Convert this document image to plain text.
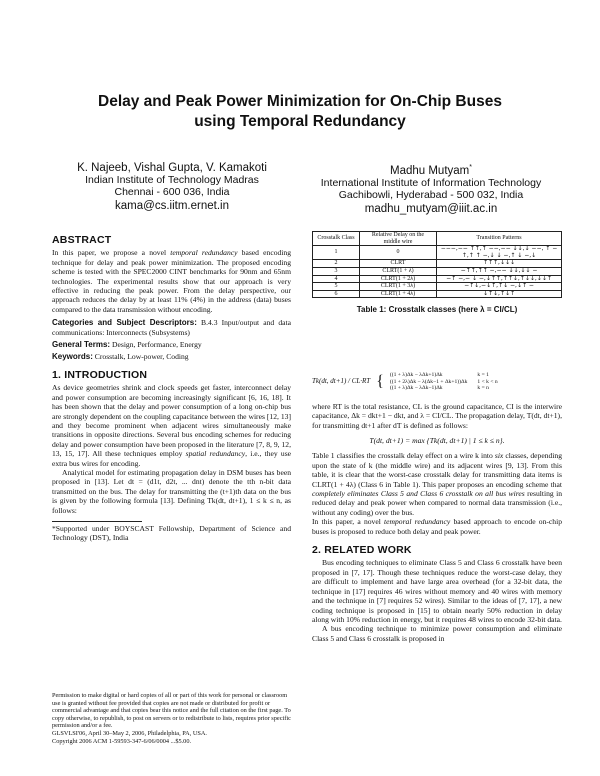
Delay and Peak Power Minimization for On-Chip Buses
using Temporal Redundancy
K. Najeeb, Vishal Gupta, V. Kamakoti
Indian Institute of Technology Madras
Chennai - 600 036, India
kama@cs.iitm.ernet.in
Madhu Mutyam*
International Institute of Information Technology
Gachibowli, Hyderabad - 500 032, India
madhu_mutyam@iiit.ac.in
ABSTRACT

In this paper, we propose a novel temporal redundancy based encoding technique for delay and peak power minimization. The proposed encoding scheme is tested with the SPEC2000 CINT benchmarks for 90nm and 65nm technologies. The experimental results show that our approach is very effective in reducing the peak power. From the delay perspective, our approach reduces the delay by at least 11% (4%) in the address (data) buses compared to the data transmission without encoding.

Categories and Subject Descriptors: B.4.3 Input/output and data communications: Interconnects (Subsystems)

General Terms: Design, Performance, Energy

Keywords: Crosstalk, Low-power, Coding

1. INTRODUCTION

As device geometries shrink and clock speeds get faster, interconnect delay and power consumption are becoming increasingly significant [6, 16, 18]. It has been shown that the delay and power consumption of a long on-chip bus are strongly dependent on the coupling capacitance between the wires [12, 13] and they become prominent when adjacent wires simultaneously make transitions in opposite directions. Several bus encoding schemes for reducing delay and power consumption have been proposed in the literature [7, 8, 9, 12, 13, 15, 17]. All these techniques employ spatial redundancy, i.e., they use extra bus wires for encoding.

Analytical model for estimating propagation delay in DSM buses has been proposed in [13]. Let dt = (d1t, d2t, ... dnt) denote the tth n-bit data transmitted on the bus. The delay for transmitting the (t+1)th data on the bus is given by the following formula [13]. Defining Tk(dt, dt+1), 1 ≤ k ≤ n, as follows:

*Supported under BOYSCAST Fellowship, Department of Science and Technology (DST), India

Permission to make digital or hard copies of all or part of this work for personal or classroom use is granted without fee provided that copies are not made or distributed for profit or commercial advantage and that copies bear this notice and the full citation on the first page. To copy otherwise, to republish, to post on servers or to redistribute to lists, requires prior specific permission and/or a fee.

GLSVLSI'06, April 30–May 2, 2006, Philadelphia, PA, USA.

Copyright 2006 ACM 1-59593-347-6/06/0004 ...$5.00.

Crosstalk Class	Relative Delay on the middle wire	Transition Patterns
1	0	−−−,−− ↑↑,↑ −−,−− ↓↓,↓ −−, ↑ − ↑,↑ ↑ −,↓ ↓ −,↑ ↓ −,↓
2	CLRT	↑↑↑,↓↓↓
3	CLRT(1 + λ)	−↑↑,↑↑ −,−− ↓↓,↓↓ −
4	CLRT(1 + 2λ)	−↑ −,− ↓ −,↓↑↑,↑↑↓,↑↓↓,↓↓↑
5	CLRT(1 + 3λ)	−↑↓,−↓↑,↑↓ −,↓↑ −
6	CLRT(1 + 4λ)	↓↑↓,↑↓↑
Table 1: Crosstalk classes (here λ = CI/CL)
Tk(dt, dt+1) / CL·RT { ((1 + λ)Δk − λΔk+1)Δk
((1 + 2λ)Δk − λ(Δk−1 + Δk+1))Δk
((1 + λ)Δk − λΔk−1)Δk
k = 1
1 < k < n
k = n

where RT is the total resistance, CL is the ground capacitance, CI is the interwire capacitance, Δk = dkt+1 − dkt, and λ = CI/CL. The propagation delay, T(dt, dt+1), for transmitting dt+1 after dT is defined as follows:

T(dt, dt+1) = max {Tk(dt, dt+1) | 1 ≤ k ≤ n}.

Table 1 classifies the crosstalk delay effect on a wire k into six classes, depending upon the state of k (the middle wire) and its adjacent wires [9, 13]. From this table, it is clear that the worst-case crosstalk delay for transmitting data items is CLRT(1 + 4λ) (Class 6 in Table 1). This paper proposes an encoding scheme that completely eliminates Class 5 and Class 6 crosstalk on all bus wires resulting in reduced delay and peak power when compared to normal data transmission (i.e., without any coding) over the bus.

In this paper, a novel temporal redundancy based approach to encode on-chip buses is proposed to reduce both delay and peak power.

2. RELATED WORK

Bus encoding techniques to eliminate Class 5 and Class 6 crosstalk have been proposed in [7, 17]. Though these techniques reduce the worst-case delay, they are difficult to implement and have large area overhead (for a 32-bit data, the technique in [17] requires 46 wires without memory and 40 wires with memory and the technique in [7] requires 52 wires). Similar to the ideas of [7, 17], a new coding technique is proposed in [15] to obtain nearly 50% reduction in delay along with 10% reduction in energy, but it requires 48 wires to encode 32-bit data.

A bus encoding technique to minimize power consumption and eliminate Class 5 and Class 6 crosstalk is proposed in
